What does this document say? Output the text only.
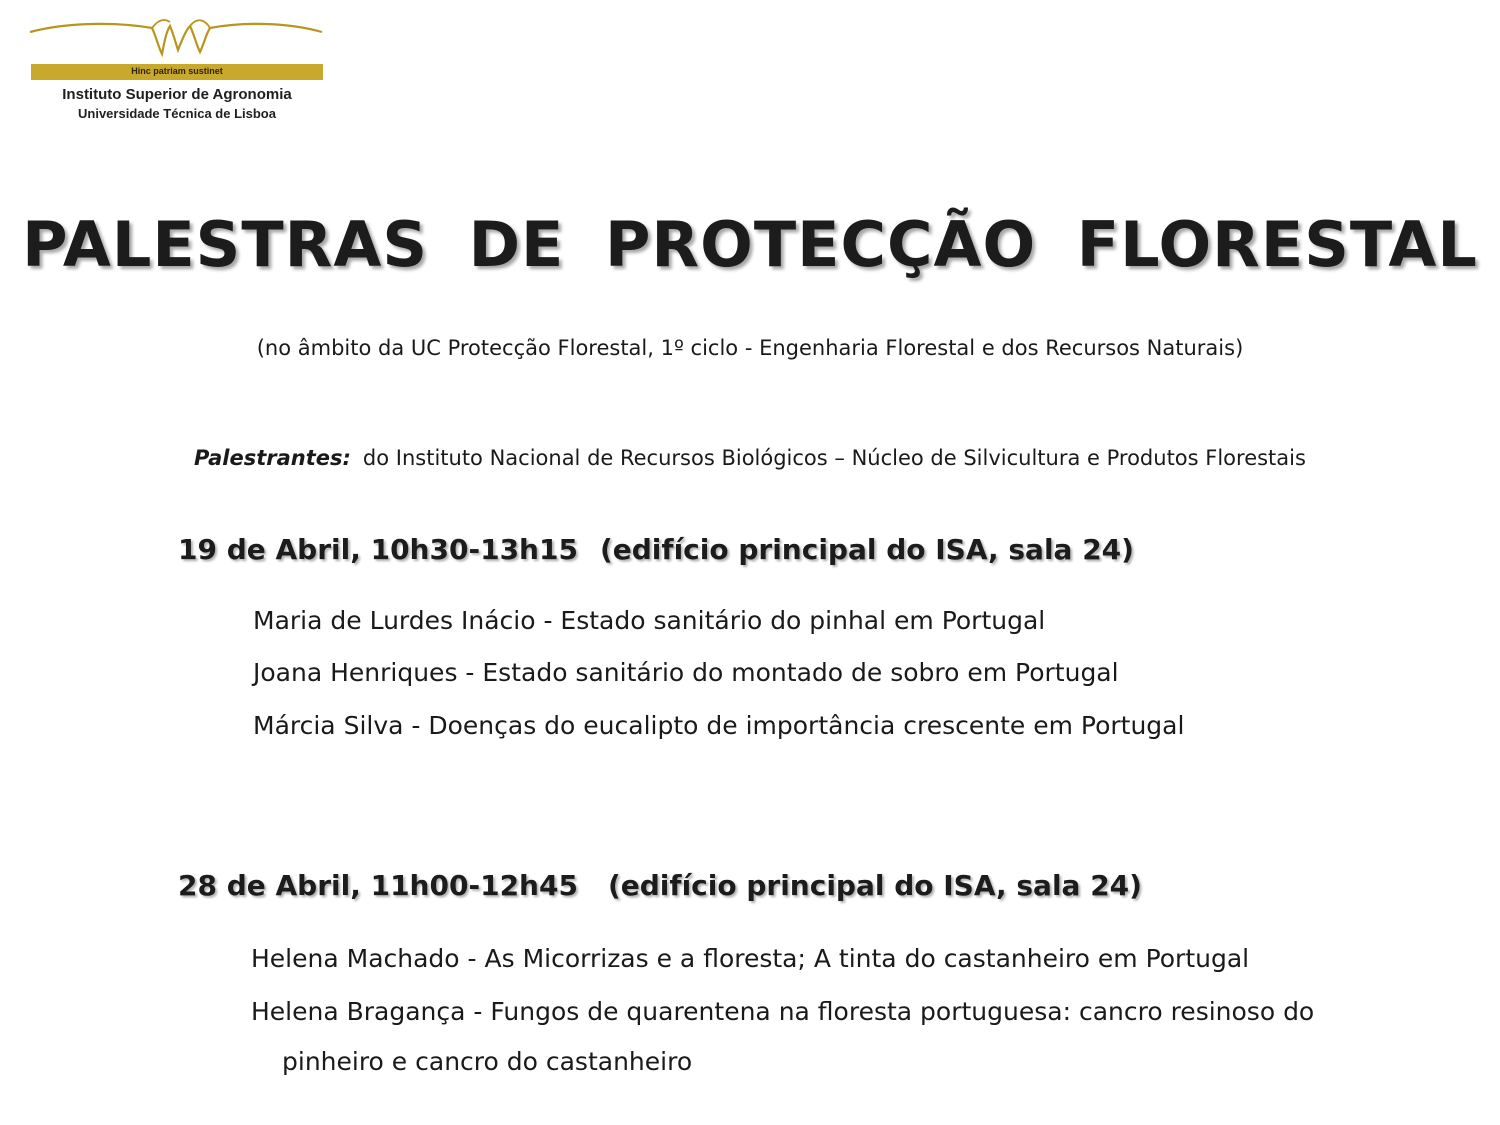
Hinc patriam sustinet
Instituto Superior de Agronomia
Universidade Técnica de Lisboa
PALESTRAS DE PROTECÇÃO FLORESTAL
(no âmbito da UC Protecção Florestal, 1º ciclo - Engenharia Florestal e dos Recursos Naturais)
Palestrantes: do Instituto Nacional de Recursos Biológicos – Núcleo de Silvicultura e Produtos Florestais
19 de Abril, 10h30-13h15 (edifício principal do ISA, sala 24)
Maria de Lurdes Inácio - Estado sanitário do pinhal em Portugal
Joana Henriques - Estado sanitário do montado de sobro em Portugal
Márcia Silva - Doenças do eucalipto de importância crescente em Portugal
28 de Abril, 11h00-12h45 (edifício principal do ISA, sala 24)
Helena Machado - As Micorrizas e a floresta; A tinta do castanheiro em Portugal
Helena Bragança - Fungos de quarentena na floresta portuguesa: cancro resinoso do
pinheiro e cancro do castanheiro
